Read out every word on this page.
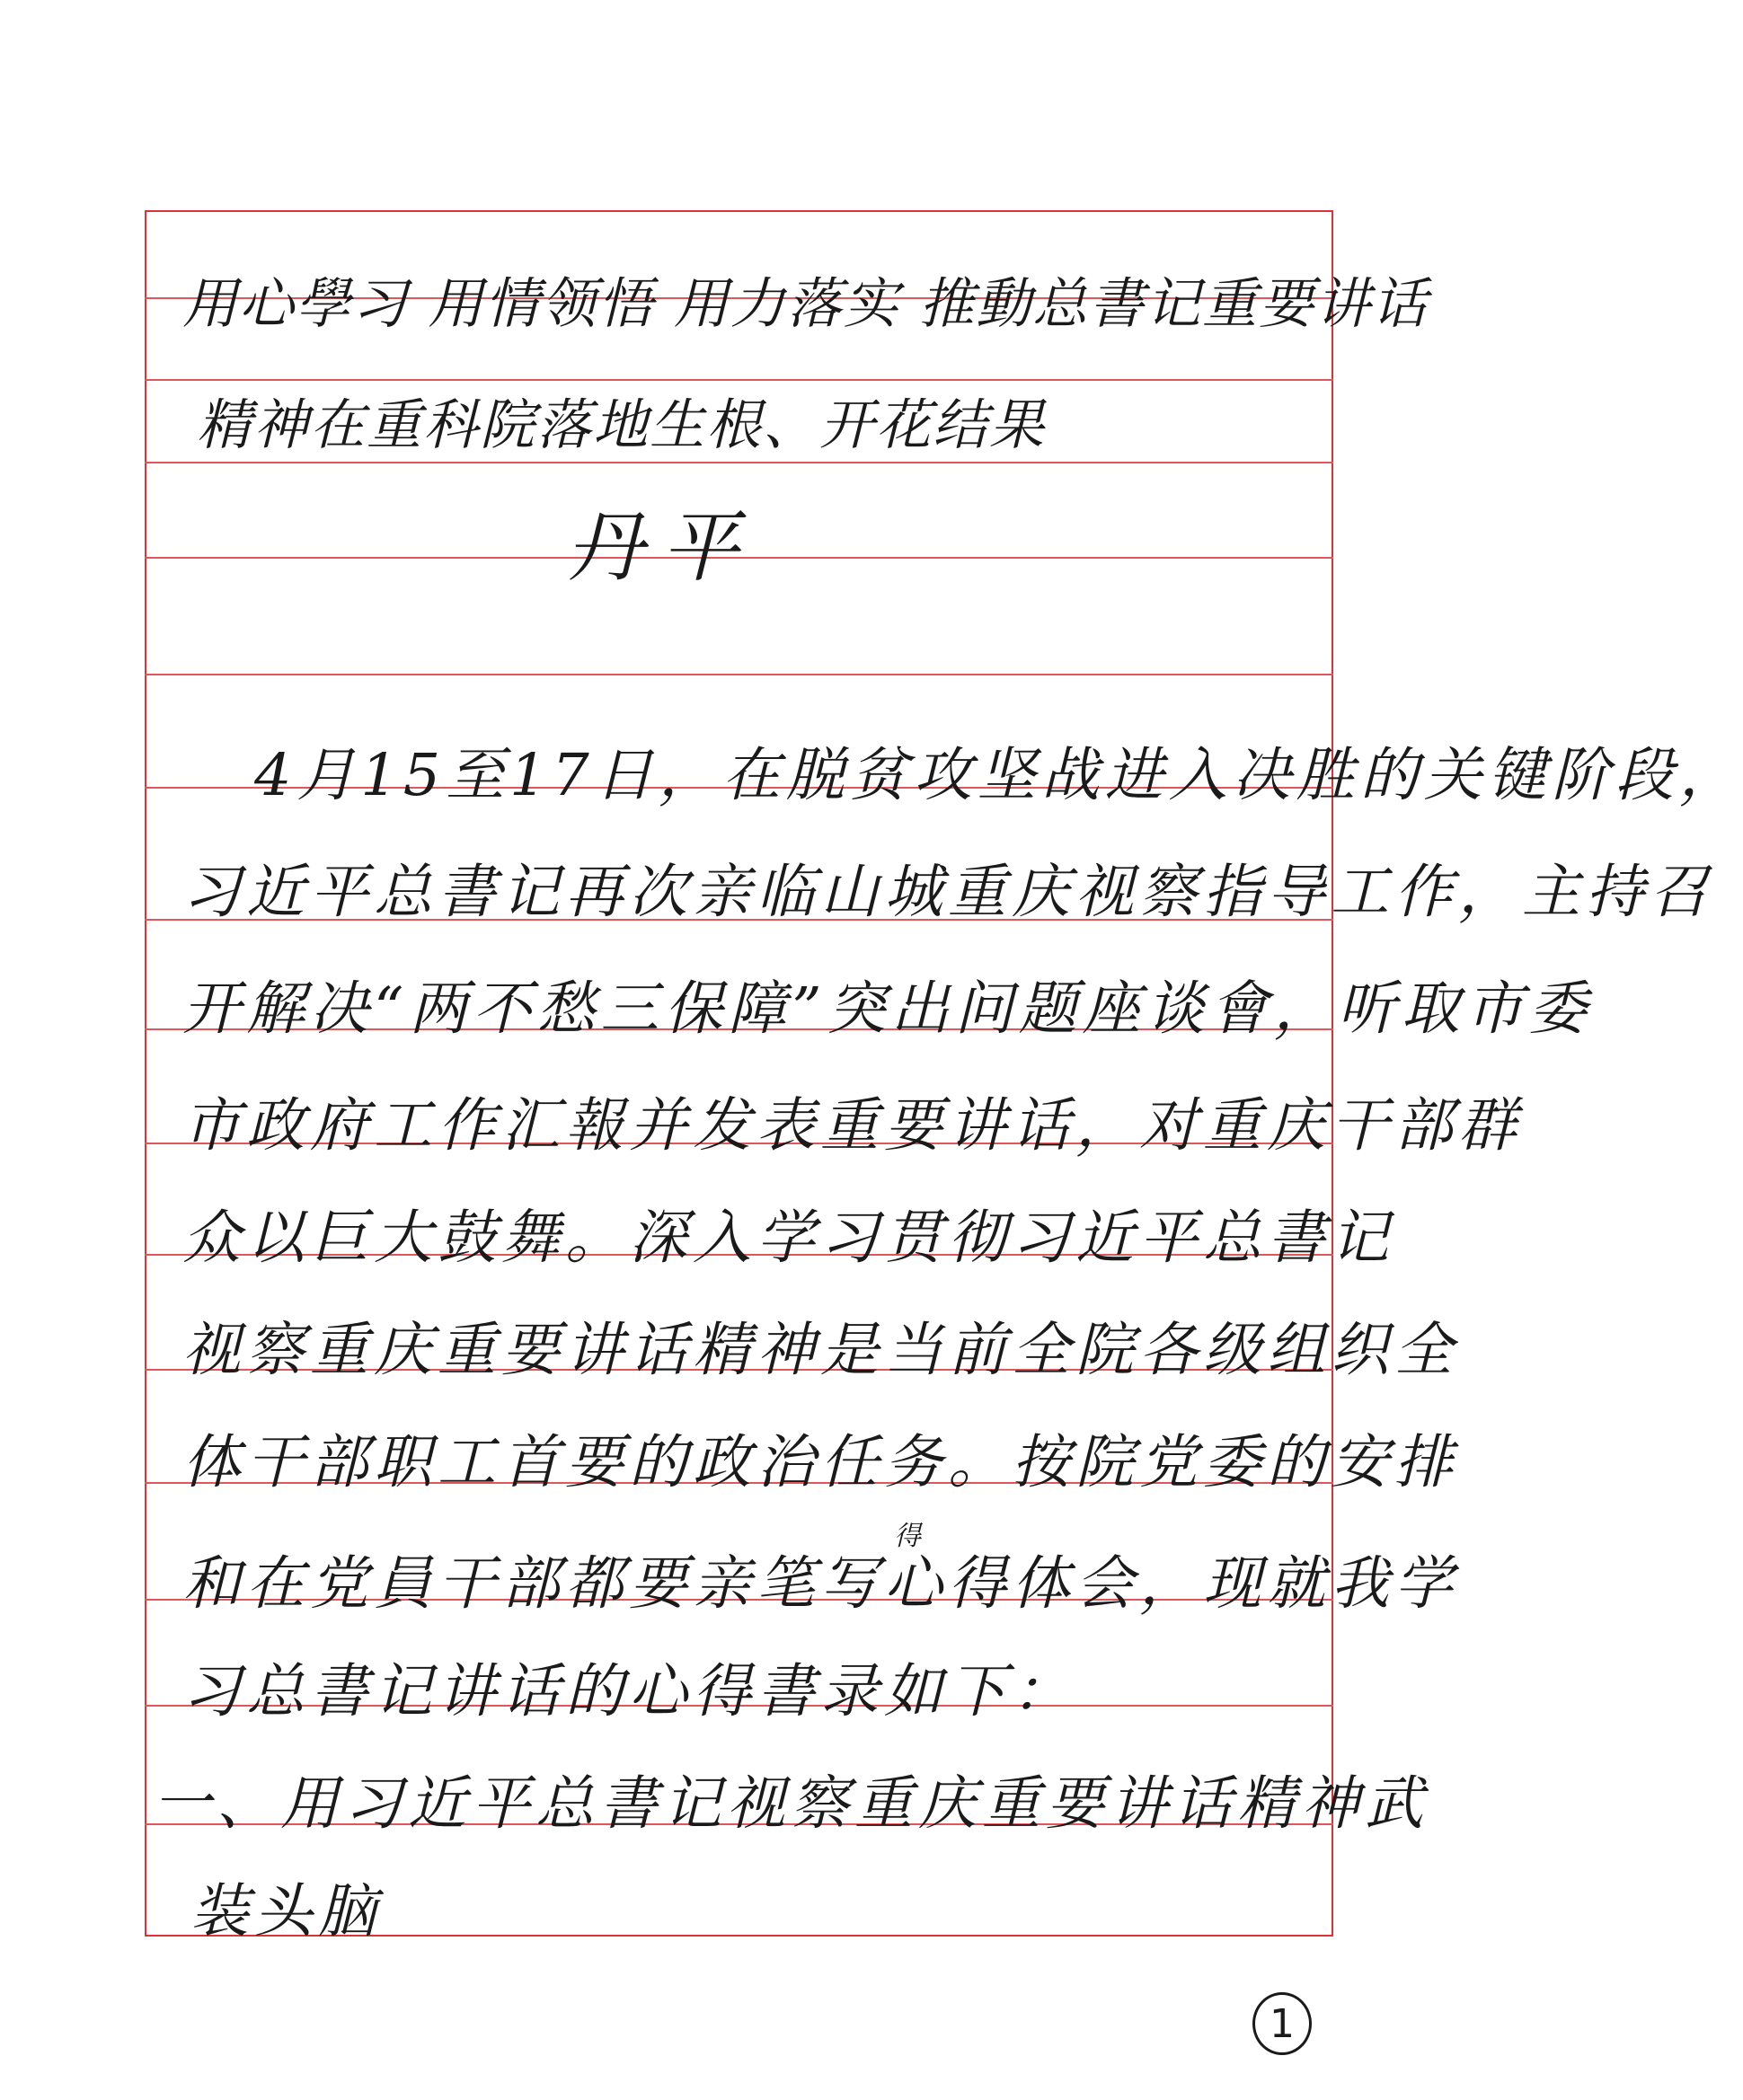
用心學习 用情领悟 用力落实 推動总書记重要讲话
精神在重科院落地生根、开花结果
丹平
4月15至17日，在脱贫攻坚战进入决胜的关键阶段，
习近平总書记再次亲临山城重庆视察指导工作，主持召
开解决“两不愁三保障”突出问题座谈會，听取市委
市政府工作汇報并发表重要讲话，对重庆干部群
众以巨大鼓舞。深入学习贯彻习近平总書记
视察重庆重要讲话精神是当前全院各级组织全
体干部职工首要的政治任务。按院党委的安排
和在党員干部都要亲笔写心得体会，现就我学
习总書记讲话的心得書录如下：
一、用习近平总書记视察重庆重要讲话精神武
装头脑
得
1
